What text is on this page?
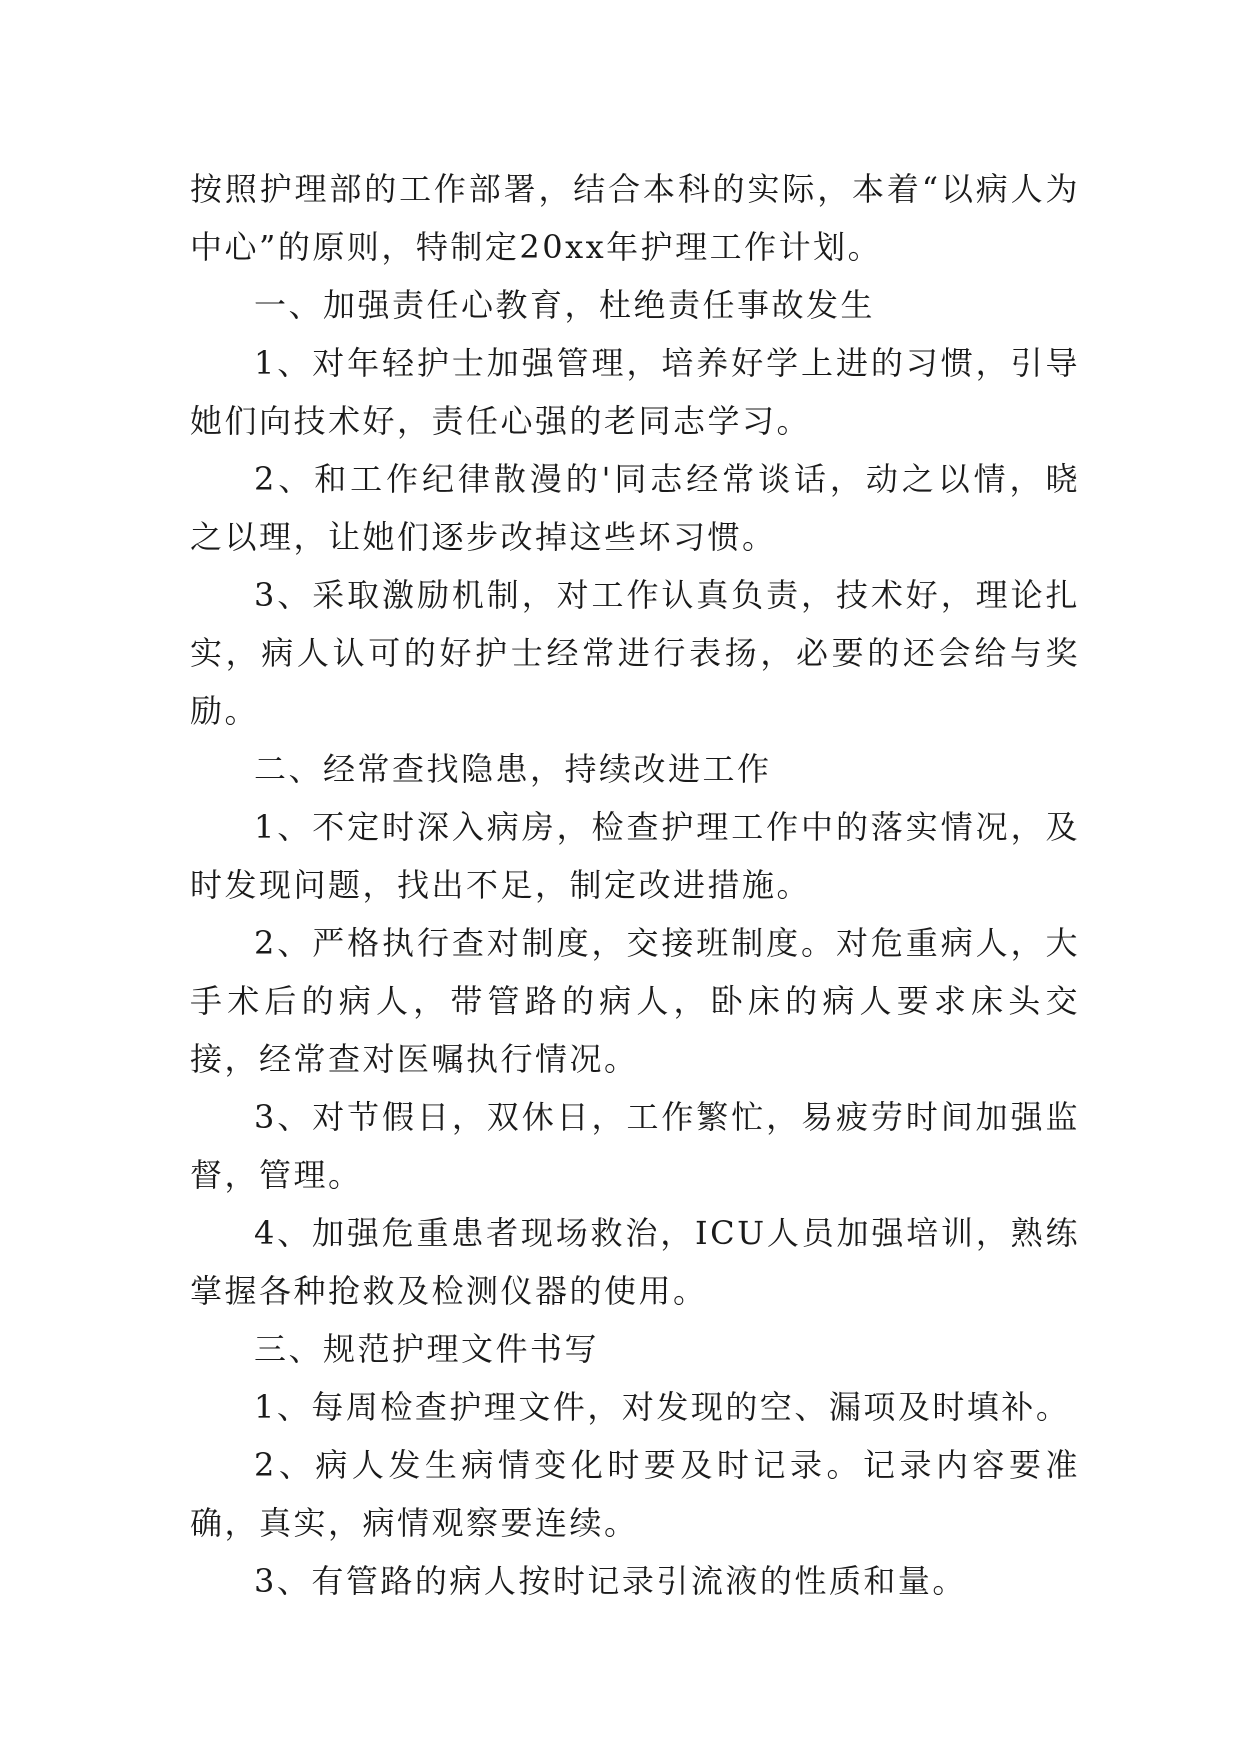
按照护理部的工作部署，结合本科的实际，本着“以病人为中心”的原则，特制定20xx年护理工作计划。

一、加强责任心教育，杜绝责任事故发生

1、对年轻护士加强管理，培养好学上进的习惯，引导她们向技术好，责任心强的老同志学习。

2、和工作纪律散漫的'同志经常谈话，动之以情，晓之以理，让她们逐步改掉这些坏习惯。

3、采取激励机制，对工作认真负责，技术好，理论扎实，病人认可的好护士经常进行表扬，必要的还会给与奖励。

二、经常查找隐患，持续改进工作

1、不定时深入病房，检查护理工作中的落实情况，及时发现问题，找出不足，制定改进措施。

2、严格执行查对制度，交接班制度。对危重病人，大手术后的病人，带管路的病人，卧床的病人要求床头交接，经常查对医嘱执行情况。

3、对节假日，双休日，工作繁忙，易疲劳时间加强监督，管理。

4、加强危重患者现场救治，ICU人员加强培训，熟练掌握各种抢救及检测仪器的使用。

三、规范护理文件书写

1、每周检查护理文件，对发现的空、漏项及时填补。

2、病人发生病情变化时要及时记录。记录内容要准确，真实，病情观察要连续。

3、有管路的病人按时记录引流液的性质和量。
